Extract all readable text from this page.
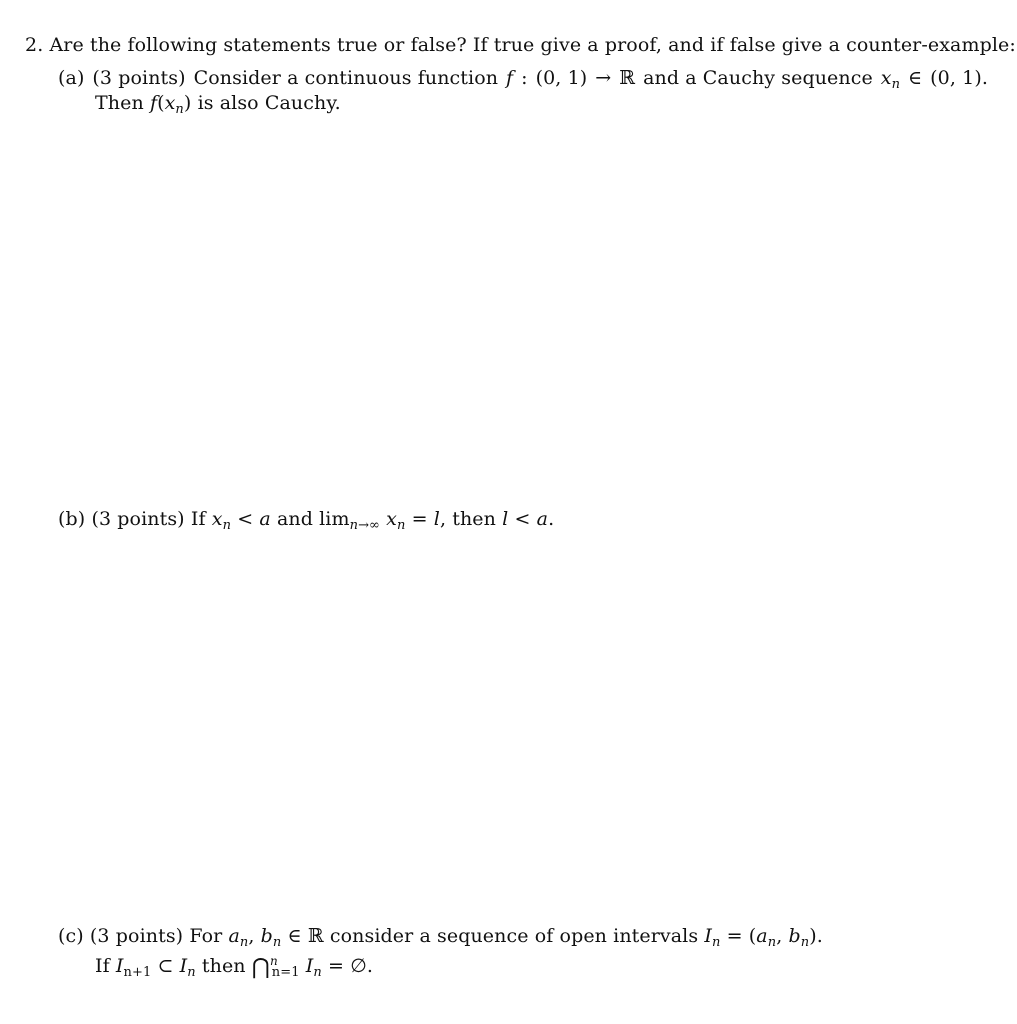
2. Are the following statements true or false? If true give a proof, and if false give a counter-example:
(a) (3 points) Consider a continuous function f : (0, 1) → ℝ and a Cauchy sequence $x_n$ ∈ (0, 1).
Then $f(x_n)$ is also Cauchy.
(b) (3 points) If $x_n < a$ and $\lim_{n\to\infty} x_n = l$, then l < a.
(c) (3 points) For $a_n$, $b_n$ ∈ ℝ consider a sequence of open intervals $I_n = (a_n$, $b_n$).
If $I_{n+1}$ ⊂ $I_n$ then ⋂$^n_{n=1}$ $I_n$ = ∅.
